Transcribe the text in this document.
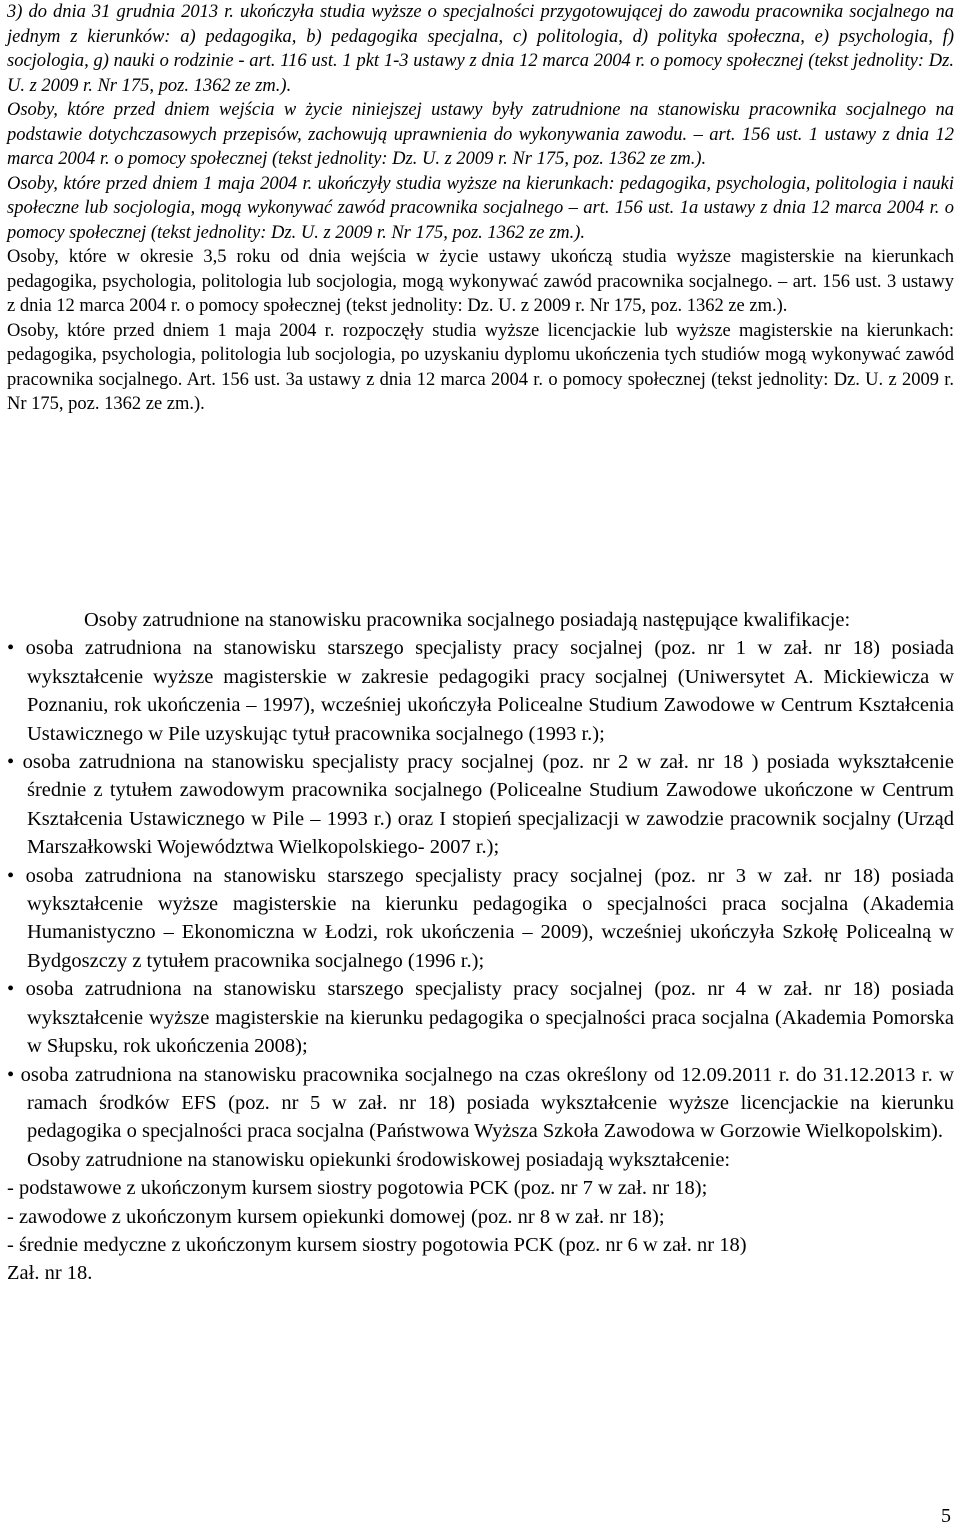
3) do dnia 31 grudnia 2013 r. ukończyła studia wyższe o specjalności przygotowującej do zawodu pracownika socjalnego na jednym z kierunków: a) pedagogika, b) pedagogika specjalna, c) politologia, d) polityka społeczna, e) psychologia, f) socjologia, g) nauki o rodzinie - art. 116 ust. 1 pkt 1-3 ustawy z dnia 12 marca 2004 r. o pomocy społecznej (tekst jednolity: Dz. U. z 2009 r. Nr 175, poz. 1362 ze zm.).

Osoby, które przed dniem wejścia w życie niniejszej ustawy były zatrudnione na stanowisku pracownika socjalnego na podstawie dotychczasowych przepisów, zachowują uprawnienia do wykonywania zawodu. – art. 156 ust. 1 ustawy z dnia 12 marca 2004 r. o pomocy społecznej (tekst jednolity: Dz. U. z 2009 r. Nr 175, poz. 1362 ze zm.).

Osoby, które przed dniem 1 maja 2004 r. ukończyły studia wyższe na kierunkach: pedagogika, psychologia, politologia i nauki społeczne lub socjologia, mogą wykonywać zawód pracownika socjalnego – art. 156 ust. 1a ustawy z dnia 12 marca 2004 r. o pomocy społecznej (tekst jednolity: Dz. U. z 2009 r. Nr 175, poz. 1362 ze zm.).

Osoby, które w okresie 3,5 roku od dnia wejścia w życie ustawy ukończą studia wyższe magisterskie na kierunkach pedagogika, psychologia, politologia lub socjologia, mogą wykonywać zawód pracownika socjalnego. – art. 156 ust. 3 ustawy z dnia 12 marca 2004 r. o pomocy społecznej (tekst jednolity: Dz. U. z 2009 r. Nr 175, poz. 1362 ze zm.).

Osoby, które przed dniem 1 maja 2004 r. rozpoczęły studia wyższe licencjackie lub wyższe magisterskie na kierunkach: pedagogika, psychologia, politologia lub socjologia, po uzyskaniu dyplomu ukończenia tych studiów mogą wykonywać zawód pracownika socjalnego. Art. 156 ust. 3a ustawy z dnia 12 marca 2004 r. o pomocy społecznej (tekst jednolity: Dz. U. z 2009 r. Nr 175, poz. 1362 ze zm.).

Osoby zatrudnione na stanowisku pracownika socjalnego posiadają następujące kwalifikacje:

• osoba zatrudniona na stanowisku starszego specjalisty pracy socjalnej (poz. nr 1 w zał. nr 18) posiada wykształcenie wyższe magisterskie w zakresie pedagogiki pracy socjalnej (Uniwersytet A. Mickiewicza w Poznaniu, rok ukończenia – 1997), wcześniej ukończyła Policealne Studium Zawodowe w Centrum Kształcenia Ustawicznego w Pile uzyskując tytuł pracownika socjalnego (1993 r.);

• osoba zatrudniona na stanowisku specjalisty pracy socjalnej (poz. nr 2 w zał. nr 18 ) posiada wykształcenie średnie z tytułem zawodowym pracownika socjalnego (Policealne Studium Zawodowe ukończone w Centrum Kształcenia Ustawicznego w Pile – 1993 r.) oraz I stopień specjalizacji w zawodzie pracownik socjalny (Urząd Marszałkowski Województwa Wielkopolskiego- 2007 r.);

• osoba zatrudniona na stanowisku starszego specjalisty pracy socjalnej (poz. nr 3 w zał. nr 18) posiada wykształcenie wyższe magisterskie na kierunku pedagogika o specjalności praca socjalna (Akademia Humanistyczno – Ekonomiczna w Łodzi, rok ukończenia – 2009), wcześniej ukończyła Szkołę Policealną w Bydgoszczy z tytułem pracownika socjalnego (1996 r.);

• osoba zatrudniona na stanowisku starszego specjalisty pracy socjalnej (poz. nr 4 w zał. nr 18) posiada wykształcenie wyższe magisterskie na kierunku pedagogika o specjalności praca socjalna (Akademia Pomorska w Słupsku, rok ukończenia 2008);

• osoba zatrudniona na stanowisku pracownika socjalnego na czas określony od 12.09.2011 r. do 31.12.2013 r. w ramach środków EFS (poz. nr 5 w zał. nr 18) posiada wykształcenie wyższe licencjackie na kierunku pedagogika o specjalności praca socjalna (Państwowa Wyższa Szkoła Zawodowa w Gorzowie Wielkopolskim).

Osoby zatrudnione na stanowisku opiekunki środowiskowej posiadają wykształcenie:

- podstawowe z ukończonym kursem siostry pogotowia PCK (poz. nr 7 w zał. nr 18);

- zawodowe z ukończonym kursem opiekunki domowej (poz. nr 8 w zał. nr 18);

- średnie medyczne z ukończonym kursem siostry pogotowia PCK (poz. nr 6 w zał. nr 18)

Zał. nr 18.

5
